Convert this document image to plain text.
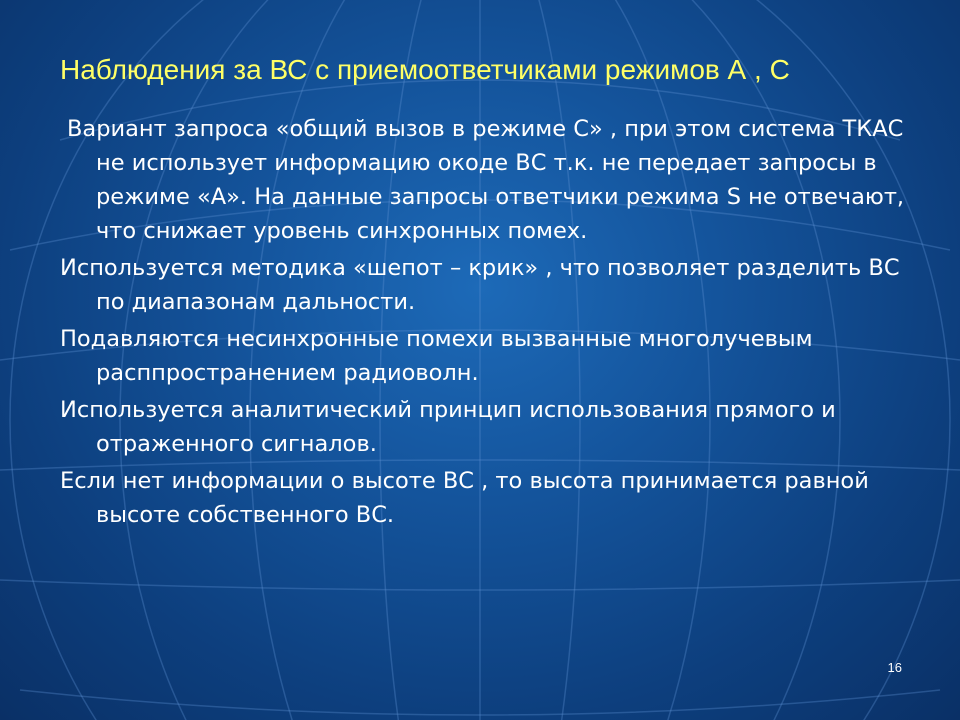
Наблюдения за ВС с приемоответчиками режимов А , С

Вариант запроса «общий вызов в режиме С» , при этом система ТКАС не использует информацию окоде ВС т.к. не передает запросы в режиме «А». На данные запросы ответчики режима S не отвечают, что снижает уровень синхронных помех.

Используется методика «шепот – крик» , что позволяет разделить ВС по диапазонам дальности.

Подавляются несинхронные помехи вызванные многолучевым расппространением радиоволн.

Используется аналитический принцип использования прямого и отраженного сигналов.

Если нет информации о высоте ВС , то высота принимается равной высоте собственного ВС.

16
